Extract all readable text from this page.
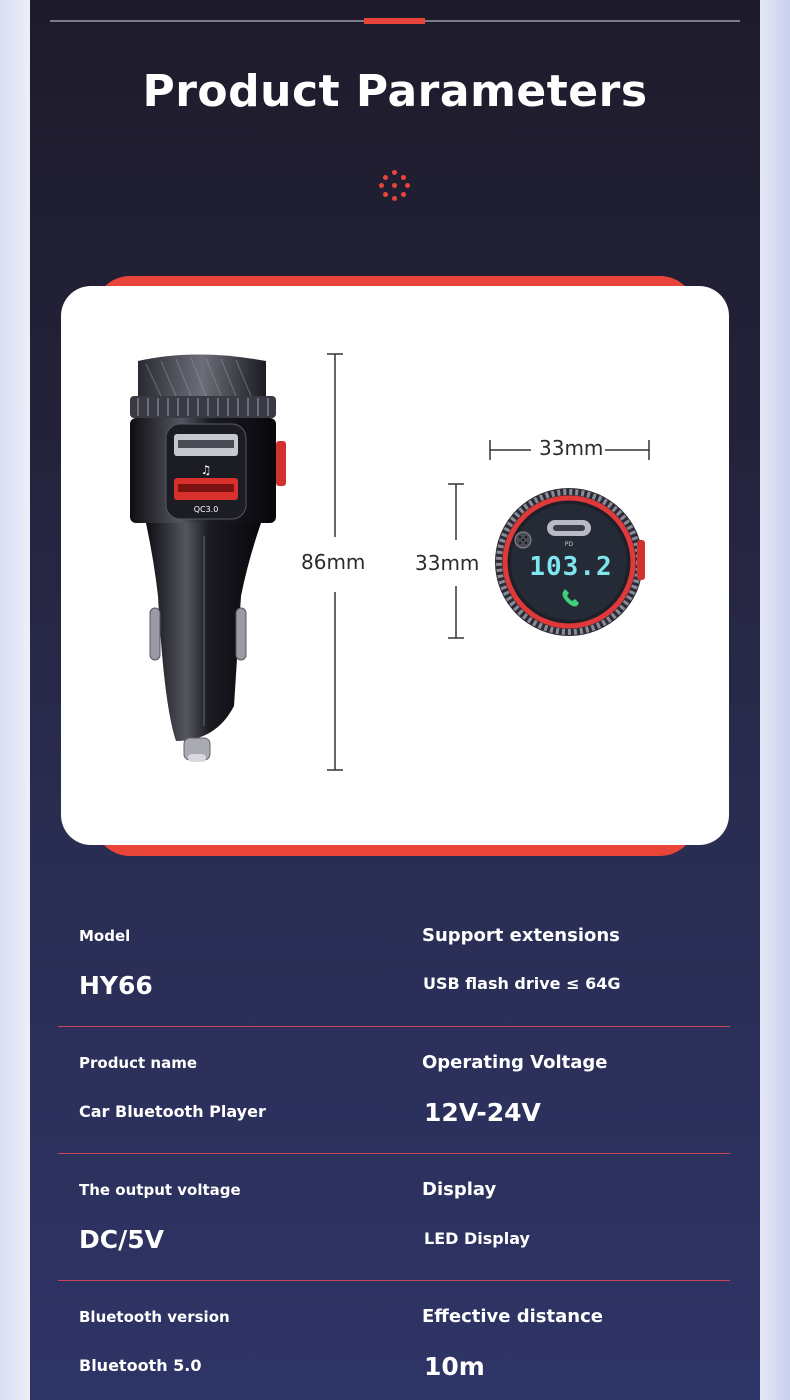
Product Parameters
♫
QC3.0
86mm
33mm
33mm
PD
103.2
Model
HY66
Support extensions
USB flash drive ≤ 64G
Product name
Car Bluetooth Player
Operating Voltage
12V-24V
The output voltage
DC/5V
Display
LED Display
Bluetooth version
Bluetooth 5.0
Effective distance
10m
